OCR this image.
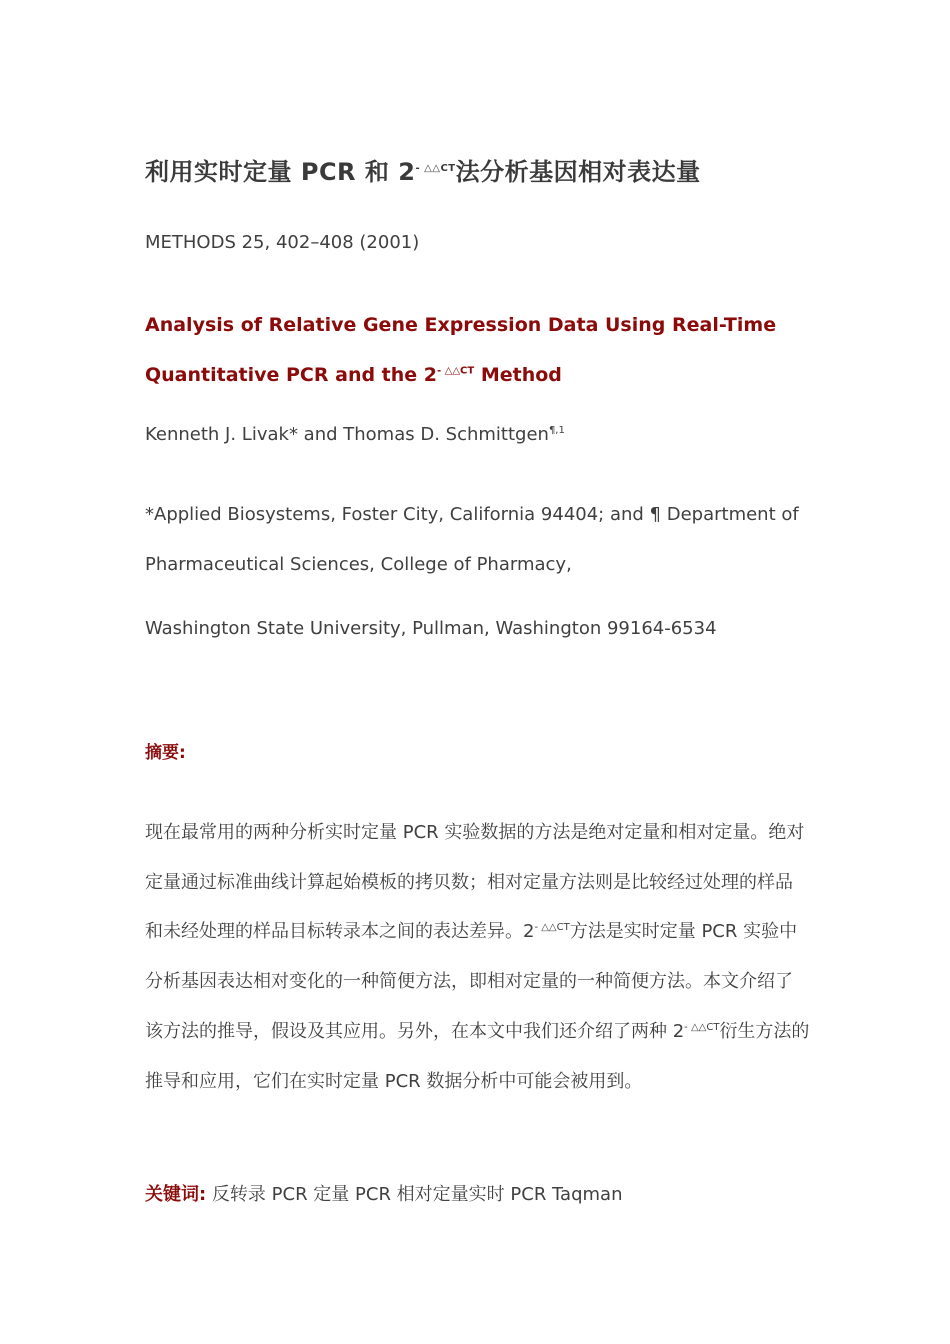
利用实时定量 PCR 和 $2^{- \triangle\triangle CT}$法分析基因相对表达量
METHODS 25, 402–408 (2001)
Analysis of Relative Gene Expression Data Using Real-Time
Quantitative PCR and the $2^{- \triangle\triangle CT}$ Method
Kenneth J. Livak* and Thomas D. Schmittgen$^{\P,1}$
*Applied Biosystems, Foster City, California 94404; and ¶ Department of
Pharmaceutical Sciences, College of Pharmacy,
Washington State University, Pullman, Washington 99164-6534
摘要:
现在最常用的两种分析实时定量 PCR 实验数据的方法是绝对定量和相对定量。绝对定量通过标准曲线计算起始模板的拷贝数；相对定量方法则是比较经过处理的样品和未经处理的样品目标转录本之间的表达差异。$2^{- \triangle\triangle CT}$方法是实时定量 PCR 实验中分析基因表达相对变化的一种简便方法，即相对定量的一种简便方法。本文介绍了该方法的推导，假设及其应用。另外，在本文中我们还介绍了两种 $2^{- \triangle\triangle CT}$衍生方法的推导和应用，它们在实时定量 PCR 数据分析中可能会被用到。
关键词: 反转录 PCR 定量 PCR 相对定量实时 PCR Taqman
